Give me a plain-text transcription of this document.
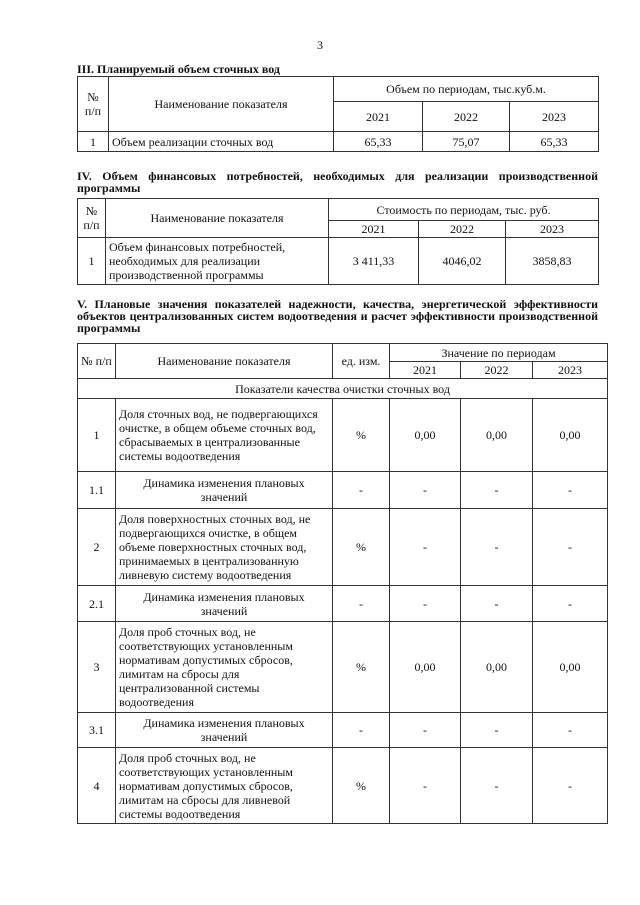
3
III. Планируемый объем сточных вод
№ п/п	Наименование показателя	Объем по периодам, тыс.куб.м.		
		2021	2022	2023
1	Объем реализации сточных вод	65,33	75,07	65,33
IV. Объем финансовых потребностей, необходимых для реализации производственной программы
№ п/п	Наименование показателя	Стоимость по периодам, тыс. руб.		
		2021	2022	2023
1	Объем финансовых потребностей, необходимых для реализации производственной программы	3 411,33	4046,02	3858,83
V. Плановые значения показателей надежности, качества, энергетической эффективности объектов централизованных систем водоотведения и расчет эффективности производственной программы
№ п/п	Наименование показателя	ед. изм.	Значение по периодам		
			2021	2022	2023
Показатели качества очистки сточных вод					
1	Доля сточных вод, не подвергающихся очистке, в общем объеме сточных вод, сбрасываемых в централизованные системы водоотведения	%	0,00	0,00	0,00
1.1	Динамика изменения плановых значений	-	-	-	-
2	Доля поверхностных сточных вод, не подвергающихся очистке, в общем объеме поверхностных сточных вод, принимаемых в централизованную ливневую систему водоотведения	%	-	-	-
2.1	Динамика изменения плановых значений	-	-	-	-
3	Доля проб сточных вод, не соответствующих установленным нормативам допустимых сбросов, лимитам на сбросы для централизованной системы водоотведения	%	0,00	0,00	0,00
3.1	Динамика изменения плановых значений	-	-	-	-
4	Доля проб сточных вод, не соответствующих установленным нормативам допустимых сбросов, лимитам на сбросы для ливневой системы водоотведения	%	-	-	-
